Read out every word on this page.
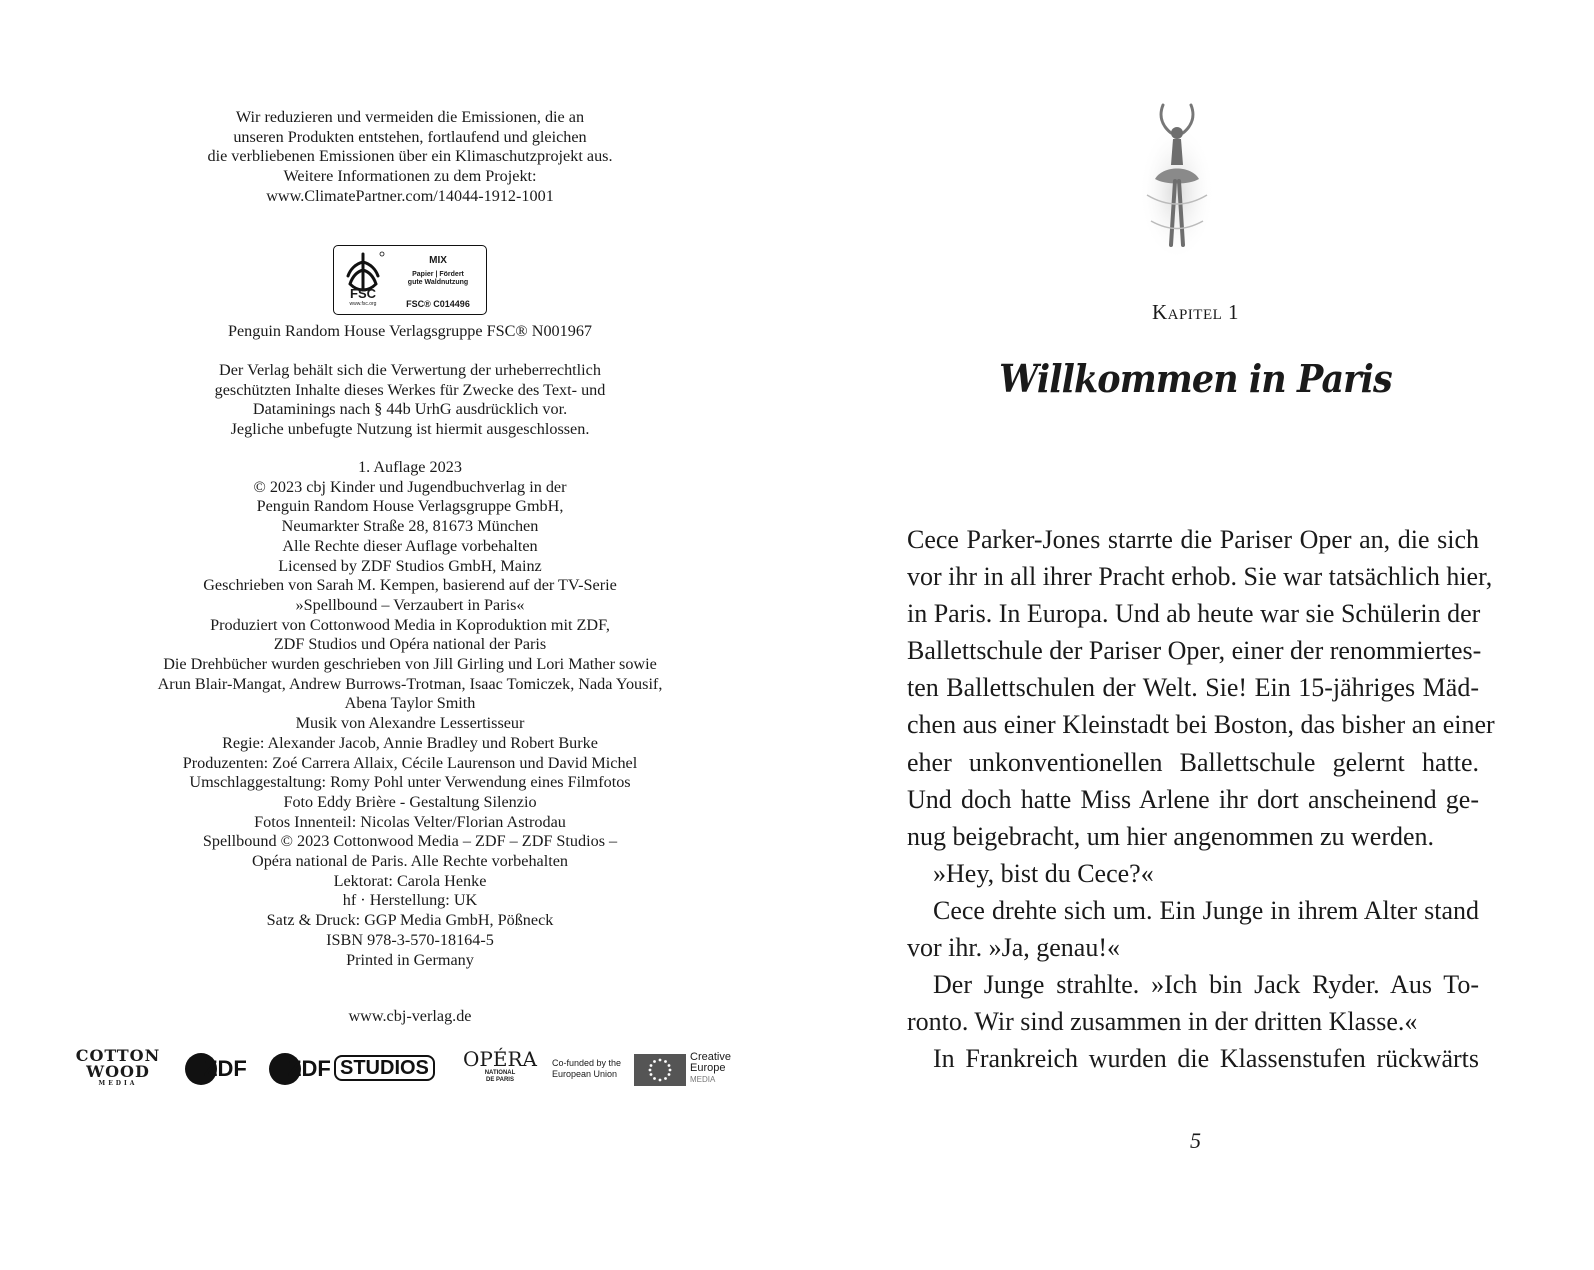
Wir reduzieren und vermeiden die Emissionen, die an
unseren Produkten entstehen, fortlaufend und gleichen
die verbliebenen Emissionen über ein Klimaschutzprojekt aus.
Weitere Informationen zu dem Projekt:
www.ClimatePartner.com/14044-1912-1001
FSC
www.fsc.org
MIX
Papier | Fördert
gute Waldnutzung
FSC® C014496
Penguin Random House Verlagsgruppe FSC® N001967
Der Verlag behält sich die Verwertung der urheberrechtlich
geschützten Inhalte dieses Werkes für Zwecke des Text- und
Dataminings nach § 44b UrhG ausdrücklich vor.
Jegliche unbefugte Nutzung ist hiermit ausgeschlossen.
1. Auflage 2023
© 2023 cbj Kinder und Jugendbuchverlag in der
Penguin Random House Verlagsgruppe GmbH,
Neumarkter Straße 28, 81673 München
Alle Rechte dieser Auflage vorbehalten
Licensed by ZDF Studios GmbH, Mainz
Geschrieben von Sarah M. Kempen, basierend auf der TV-Serie
»Spellbound – Verzaubert in Paris«
Produziert von Cottonwood Media in Koproduktion mit ZDF,
ZDF Studios und Opéra national der Paris
Die Drehbücher wurden geschrieben von Jill Girling und Lori Mather sowie
Arun Blair-Mangat, Andrew Burrows-Trotman, Isaac Tomiczek, Nada Yousif,
Abena Taylor Smith
Musik von Alexandre Lessertisseur
Regie: Alexander Jacob, Annie Bradley und Robert Burke
Produzenten: Zoé Carrera Allaix, Cécile Laurenson und David Michel
Umschlaggestaltung: Romy Pohl unter Verwendung eines Filmfotos
Foto Eddy Brière - Gestaltung Silenzio
Fotos Innenteil: Nicolas Velter/Florian Astrodau
Spellbound © 2023 Cottonwood Media – ZDF – ZDF Studios –
Opéra national de Paris. Alle Rechte vorbehalten
Lektorat: Carola Henke
hf · Herstellung: UK
Satz & Druck: GGP Media GmbH, Pößneck
ISBN 978-3-570-18164-5
Printed in Germany
www.cbj-verlag.de
COTTON
WOOD
MEDIA
ZDF ZDF STUDIOS	OPÉRA
NATIONAL
DE PARIS
Co-funded by the
European Union
Creative
Europe
MEDIA
Kapitel 1
Willkommen in Paris
Cece Parker-Jones starrte die Pariser Oper an, die sich
vor ihr in all ihrer Pracht erhob. Sie war tatsächlich hier,
in Paris. In Europa. Und ab heute war sie Schülerin der
Ballettschule der Pariser Oper, einer der renommiertes-
ten Ballettschulen der Welt. Sie! Ein 15-jähriges Mäd-
chen aus einer Kleinstadt bei Boston, das bisher an einer
eher unkonventionellen Ballettschule gelernt hatte.
Und doch hatte Miss Arlene ihr dort anscheinend ge-
nug beigebracht, um hier angenommen zu werden.
»Hey, bist du Cece?«
Cece drehte sich um. Ein Junge in ihrem Alter stand
vor ihr. »Ja, genau!«
Der Junge strahlte. »Ich bin Jack Ryder. Aus To-
ronto. Wir sind zusammen in der dritten Klasse.«
In Frankreich wurden die Klassenstufen rückwärts
5
